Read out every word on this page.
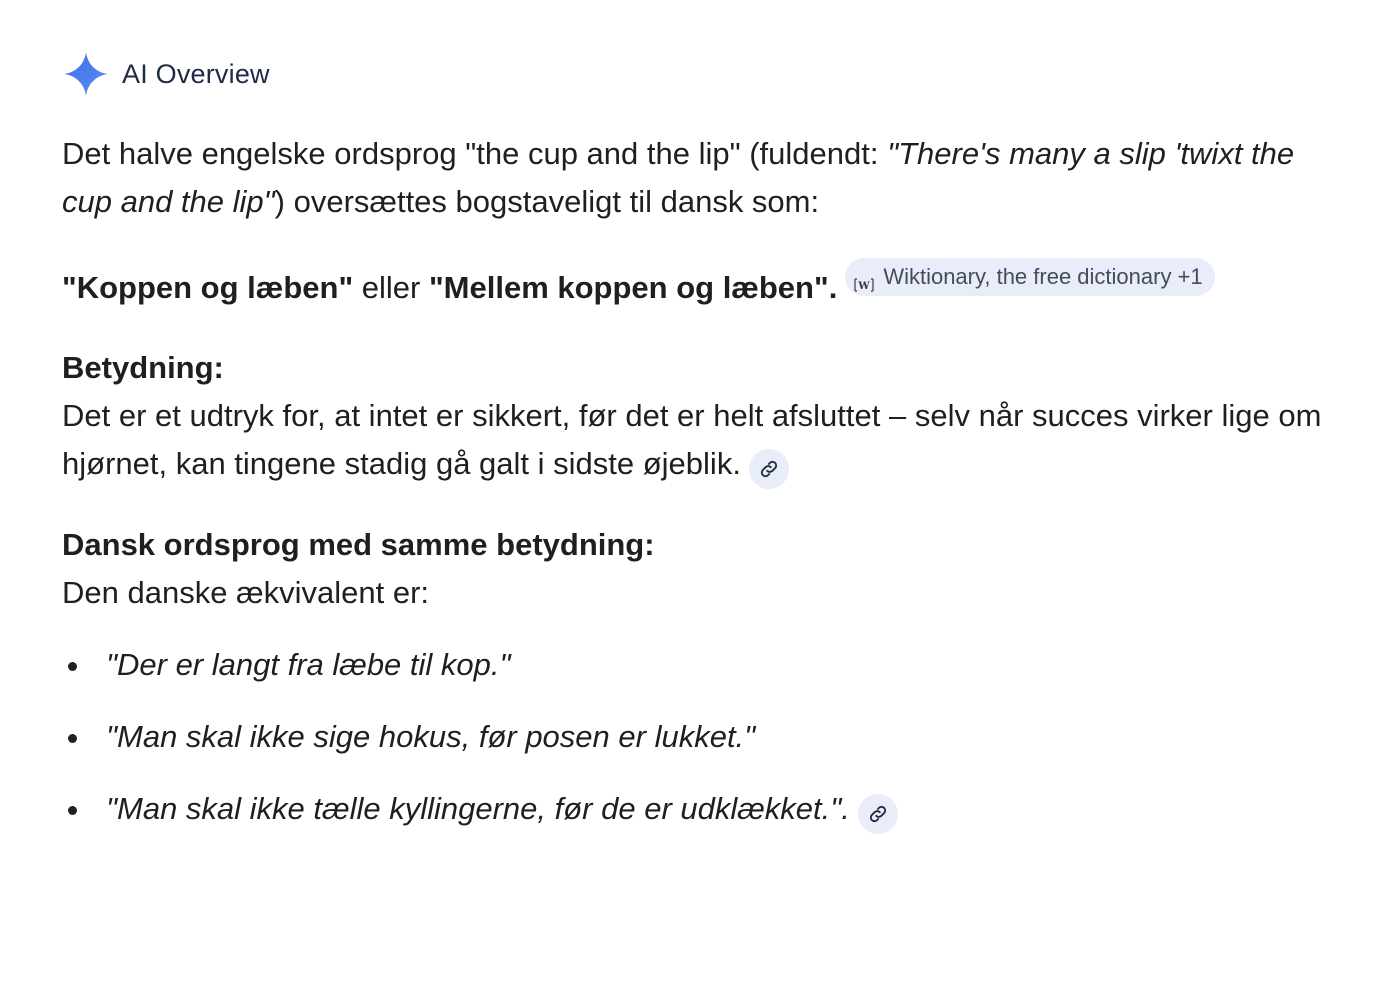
AI Overview

Det halve engelske ordsprog "the cup and the lip" (fuldendt: "There's many a slip 'twixt the cup and the lip") oversættes bogstaveligt til dansk som:

"Koppen og læben" eller "Mellem koppen og læben". W Wiktionary, the free dictionary +1

Betydning:

Det er et udtryk for, at intet er sikkert, før det er helt afsluttet – selv når succes virker lige om hjørnet, kan tingene stadig gå galt i sidste øjeblik.

Dansk ordsprog med samme betydning:

Den danske ækvivalent er:

"Der er langt fra læbe til kop."
"Man skal ikke sige hokus, før posen er lukket."
"Man skal ikke tælle kyllingerne, før de er udklækket.".
